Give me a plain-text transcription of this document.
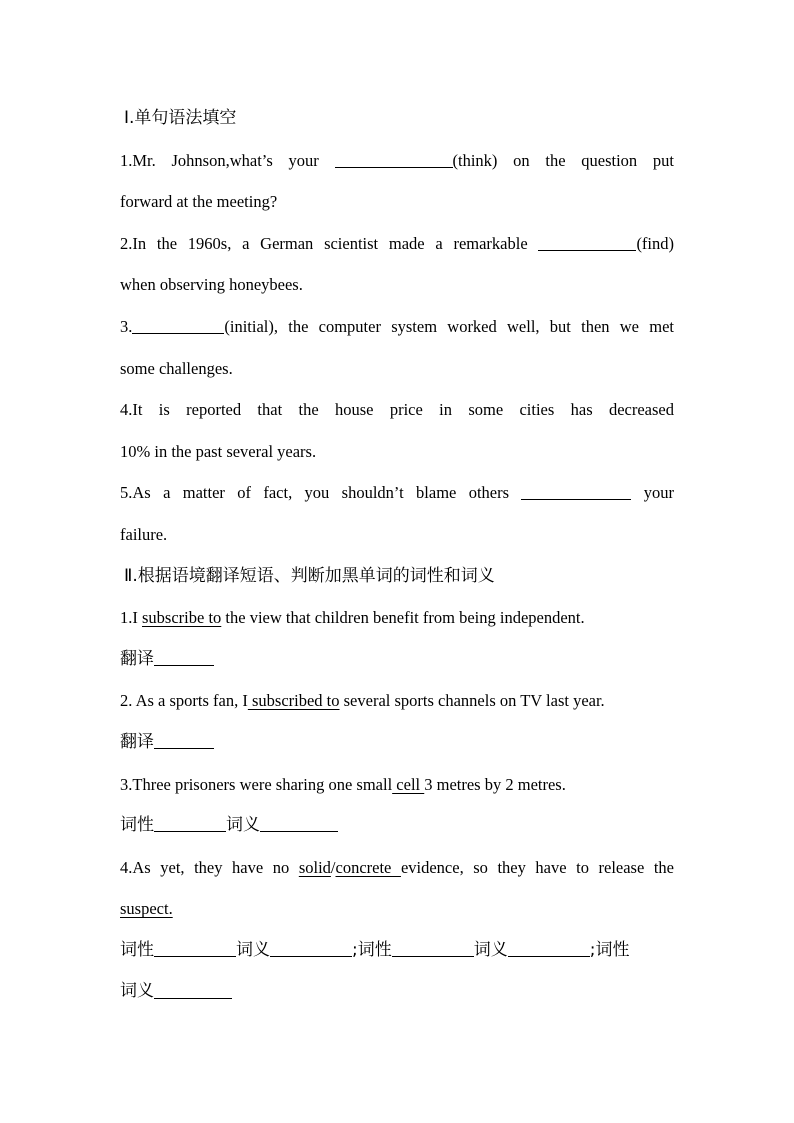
Ⅰ.单句语法填空
1.Mr. Johnson,what’s your	(think) on the question put
forward at the meeting?
2.In the 1960s, a German scientist made a remarkable	(find)
when observing honeybees.
3.	(initial), the computer system worked well, but then we met
some challenges.
4.It is reported that the house price in some cities has decreased
10% in the past several years.
5.As a matter of fact, you shouldn’t blame others	your
failure.
Ⅱ.根据语境翻译短语、判断加黑单词的词性和词义
1.I subscribe to the view that children benefit from being independent.
翻译
2. As a sports fan, I subscribed to several sports channels on TV last year.
翻译
3.Three prisoners were sharing one small cell 3 metres by 2 metres.
词性	词义
4.As yet, they have no solid/concrete evidence, so they have to release the
suspect.
词性	词义	;词性	词义	;词性
词义
